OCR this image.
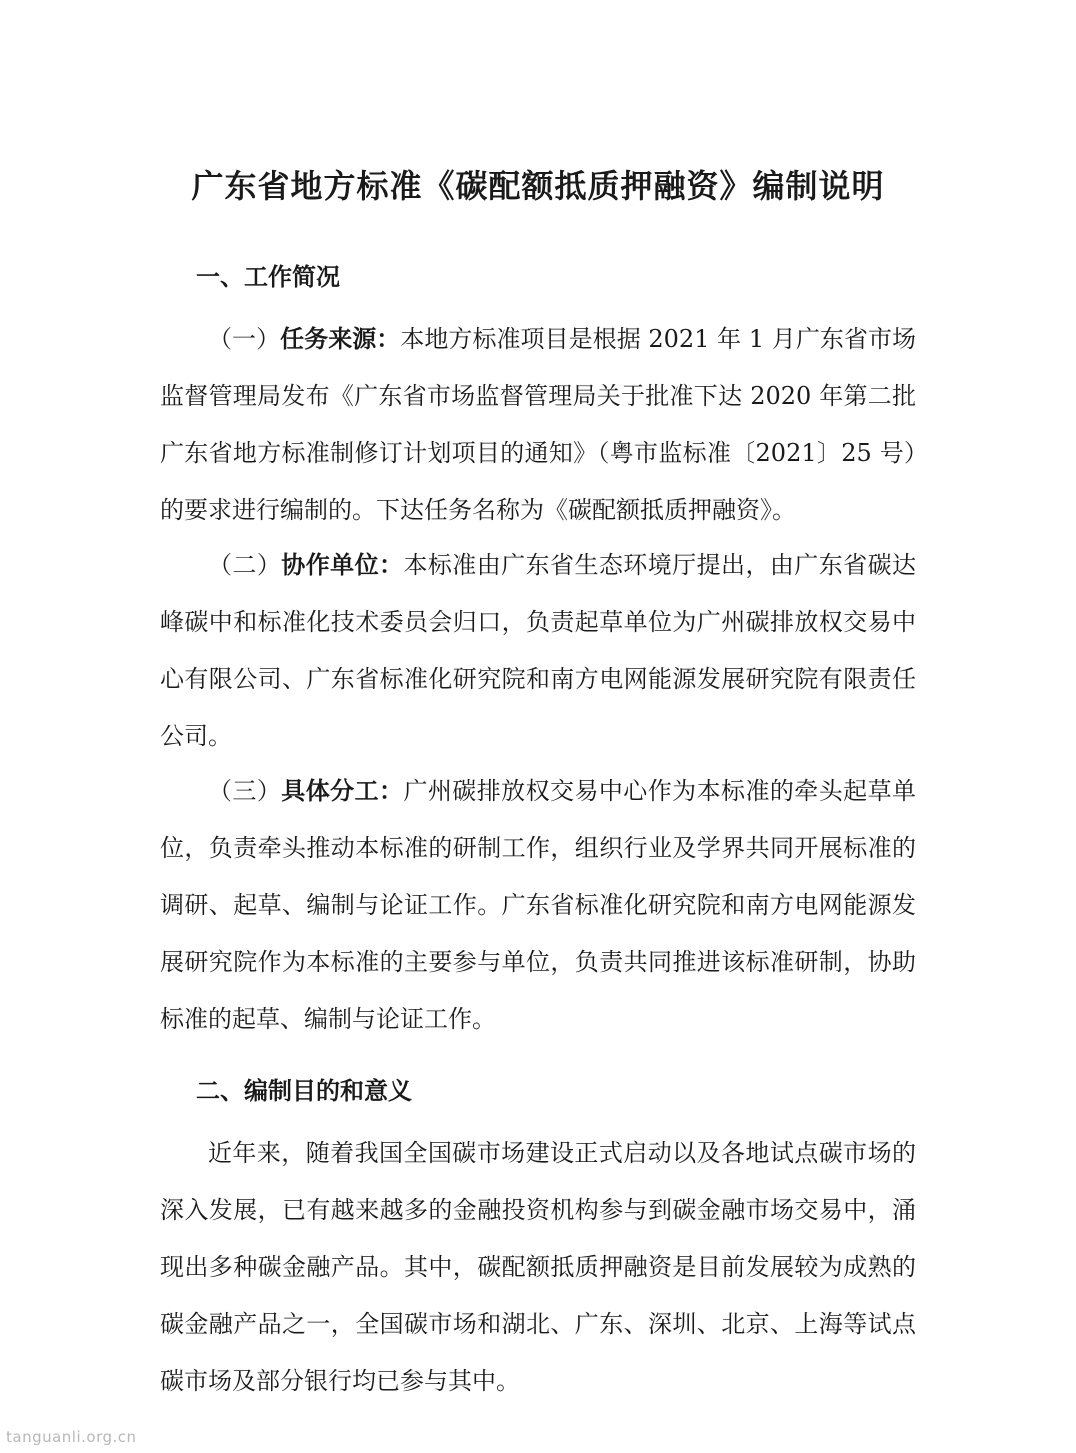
广东省地方标准《碳配额抵质押融资》编制说明
一、工作简况

（一）任务来源：本地方标准项目是根据 2021 年 1 月广东省市场监督管理局发布《广东省市场监督管理局关于批准下达 2020 年第二批广东省地方标准制修订计划项目的通知》（粤市监标准〔2021〕25 号）的要求进行编制的。下达任务名称为《碳配额抵质押融资》。

（二）协作单位：本标准由广东省生态环境厅提出，由广东省碳达峰碳中和标准化技术委员会归口，负责起草单位为广州碳排放权交易中心有限公司、广东省标准化研究院和南方电网能源发展研究院有限责任公司。

（三）具体分工：广州碳排放权交易中心作为本标准的牵头起草单位，负责牵头推动本标准的研制工作，组织行业及学界共同开展标准的调研、起草、编制与论证工作。广东省标准化研究院和南方电网能源发展研究院作为本标准的主要参与单位，负责共同推进该标准研制，协助标准的起草、编制与论证工作。

二、编制目的和意义

近年来，随着我国全国碳市场建设正式启动以及各地试点碳市场的深入发展，已有越来越多的金融投资机构参与到碳金融市场交易中，涌现出多种碳金融产品。其中，碳配额抵质押融资是目前发展较为成熟的碳金融产品之一，全国碳市场和湖北、广东、深圳、北京、上海等试点碳市场及部分银行均已参与其中。

tanguanli.org.cn
